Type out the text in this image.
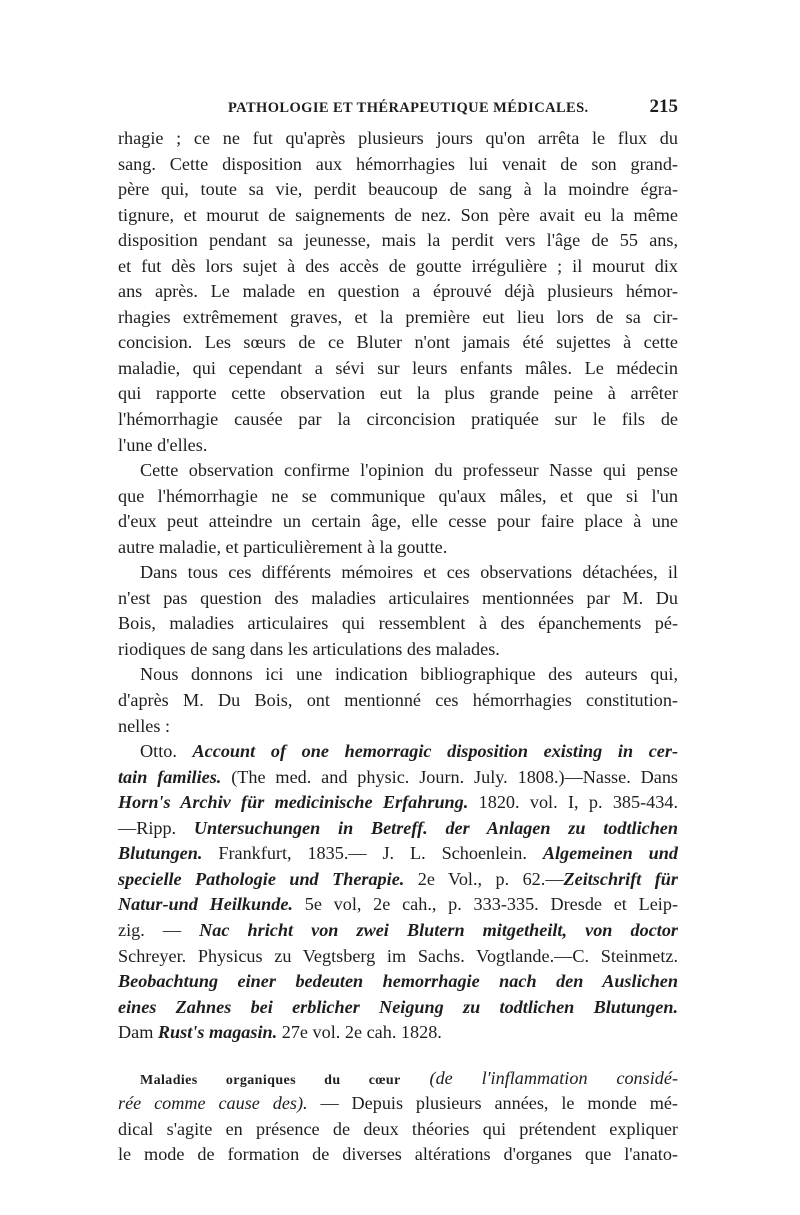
PATHOLOGIE ET THÉRAPEUTIQUE MÉDICALES.	215
rhagie ; ce ne fut qu'après plusieurs jours qu'on arrêta le flux du
sang. Cette disposition aux hémorrhagies lui venait de son grand-
père qui, toute sa vie, perdit beaucoup de sang à la moindre égra-
tignure, et mourut de saignements de nez. Son père avait eu la même
disposition pendant sa jeunesse, mais la perdit vers l'âge de 55 ans,
et fut dès lors sujet à des accès de goutte irrégulière ; il mourut dix
ans après. Le malade en question a éprouvé déjà plusieurs hémor-
rhagies extrêmement graves, et la première eut lieu lors de sa cir-
concision. Les sœurs de ce Bluter n'ont jamais été sujettes à cette
maladie, qui cependant a sévi sur leurs enfants mâles. Le médecin
qui rapporte cette observation eut la plus grande peine à arrêter
l'hémorrhagie causée par la circoncision pratiquée sur le fils de
l'une d'elles.
Cette observation confirme l'opinion du professeur Nasse qui pense
que l'hémorrhagie ne se communique qu'aux mâles, et que si l'un
d'eux peut atteindre un certain âge, elle cesse pour faire place à une
autre maladie, et particulièrement à la goutte.
Dans tous ces différents mémoires et ces observations détachées, il
n'est pas question des maladies articulaires mentionnées par M. Du
Bois, maladies articulaires qui ressemblent à des épanchements pé-
riodiques de sang dans les articulations des malades.
Nous donnons ici une indication bibliographique des auteurs qui,
d'après M. Du Bois, ont mentionné ces hémorrhagies constitution-
nelles :
Otto. Account of one hemorragic disposition existing in cer-
tain families. (The med. and physic. Journ. July. 1808.)—Nasse. Dans
Horn's Archiv für medicinische Erfahrung. 1820. vol. I, p. 385-434.
—Ripp. Untersuchungen in Betreff. der Anlagen zu todtlichen
Blutungen. Frankfurt, 1835.— J. L. Schoenlein. Algemeinen und
specielle Pathologie und Therapie. 2e Vol., p. 62.—Zeitschrift für
Natur-und Heilkunde. 5e vol, 2e cah., p. 333-335. Dresde et Leip-
zig. — Nac hricht von zwei Blutern mitgetheilt, von doctor
Schreyer. Physicus zu Vegtsberg im Sachs. Vogtlande.—C. Steinmetz.
Beobachtung einer bedeuten hemorrhagie nach den Auslichen
eines Zahnes bei erblicher Neigung zu todtlichen Blutungen.
Dam Rust's magasin. 27e vol. 2e cah. 1828.
Maladies organiques du cœur (de l'inflammation considé-
rée comme cause des). — Depuis plusieurs années, le monde mé-
dical s'agite en présence de deux théories qui prétendent expliquer
le mode de formation de diverses altérations d'organes que l'anato-
